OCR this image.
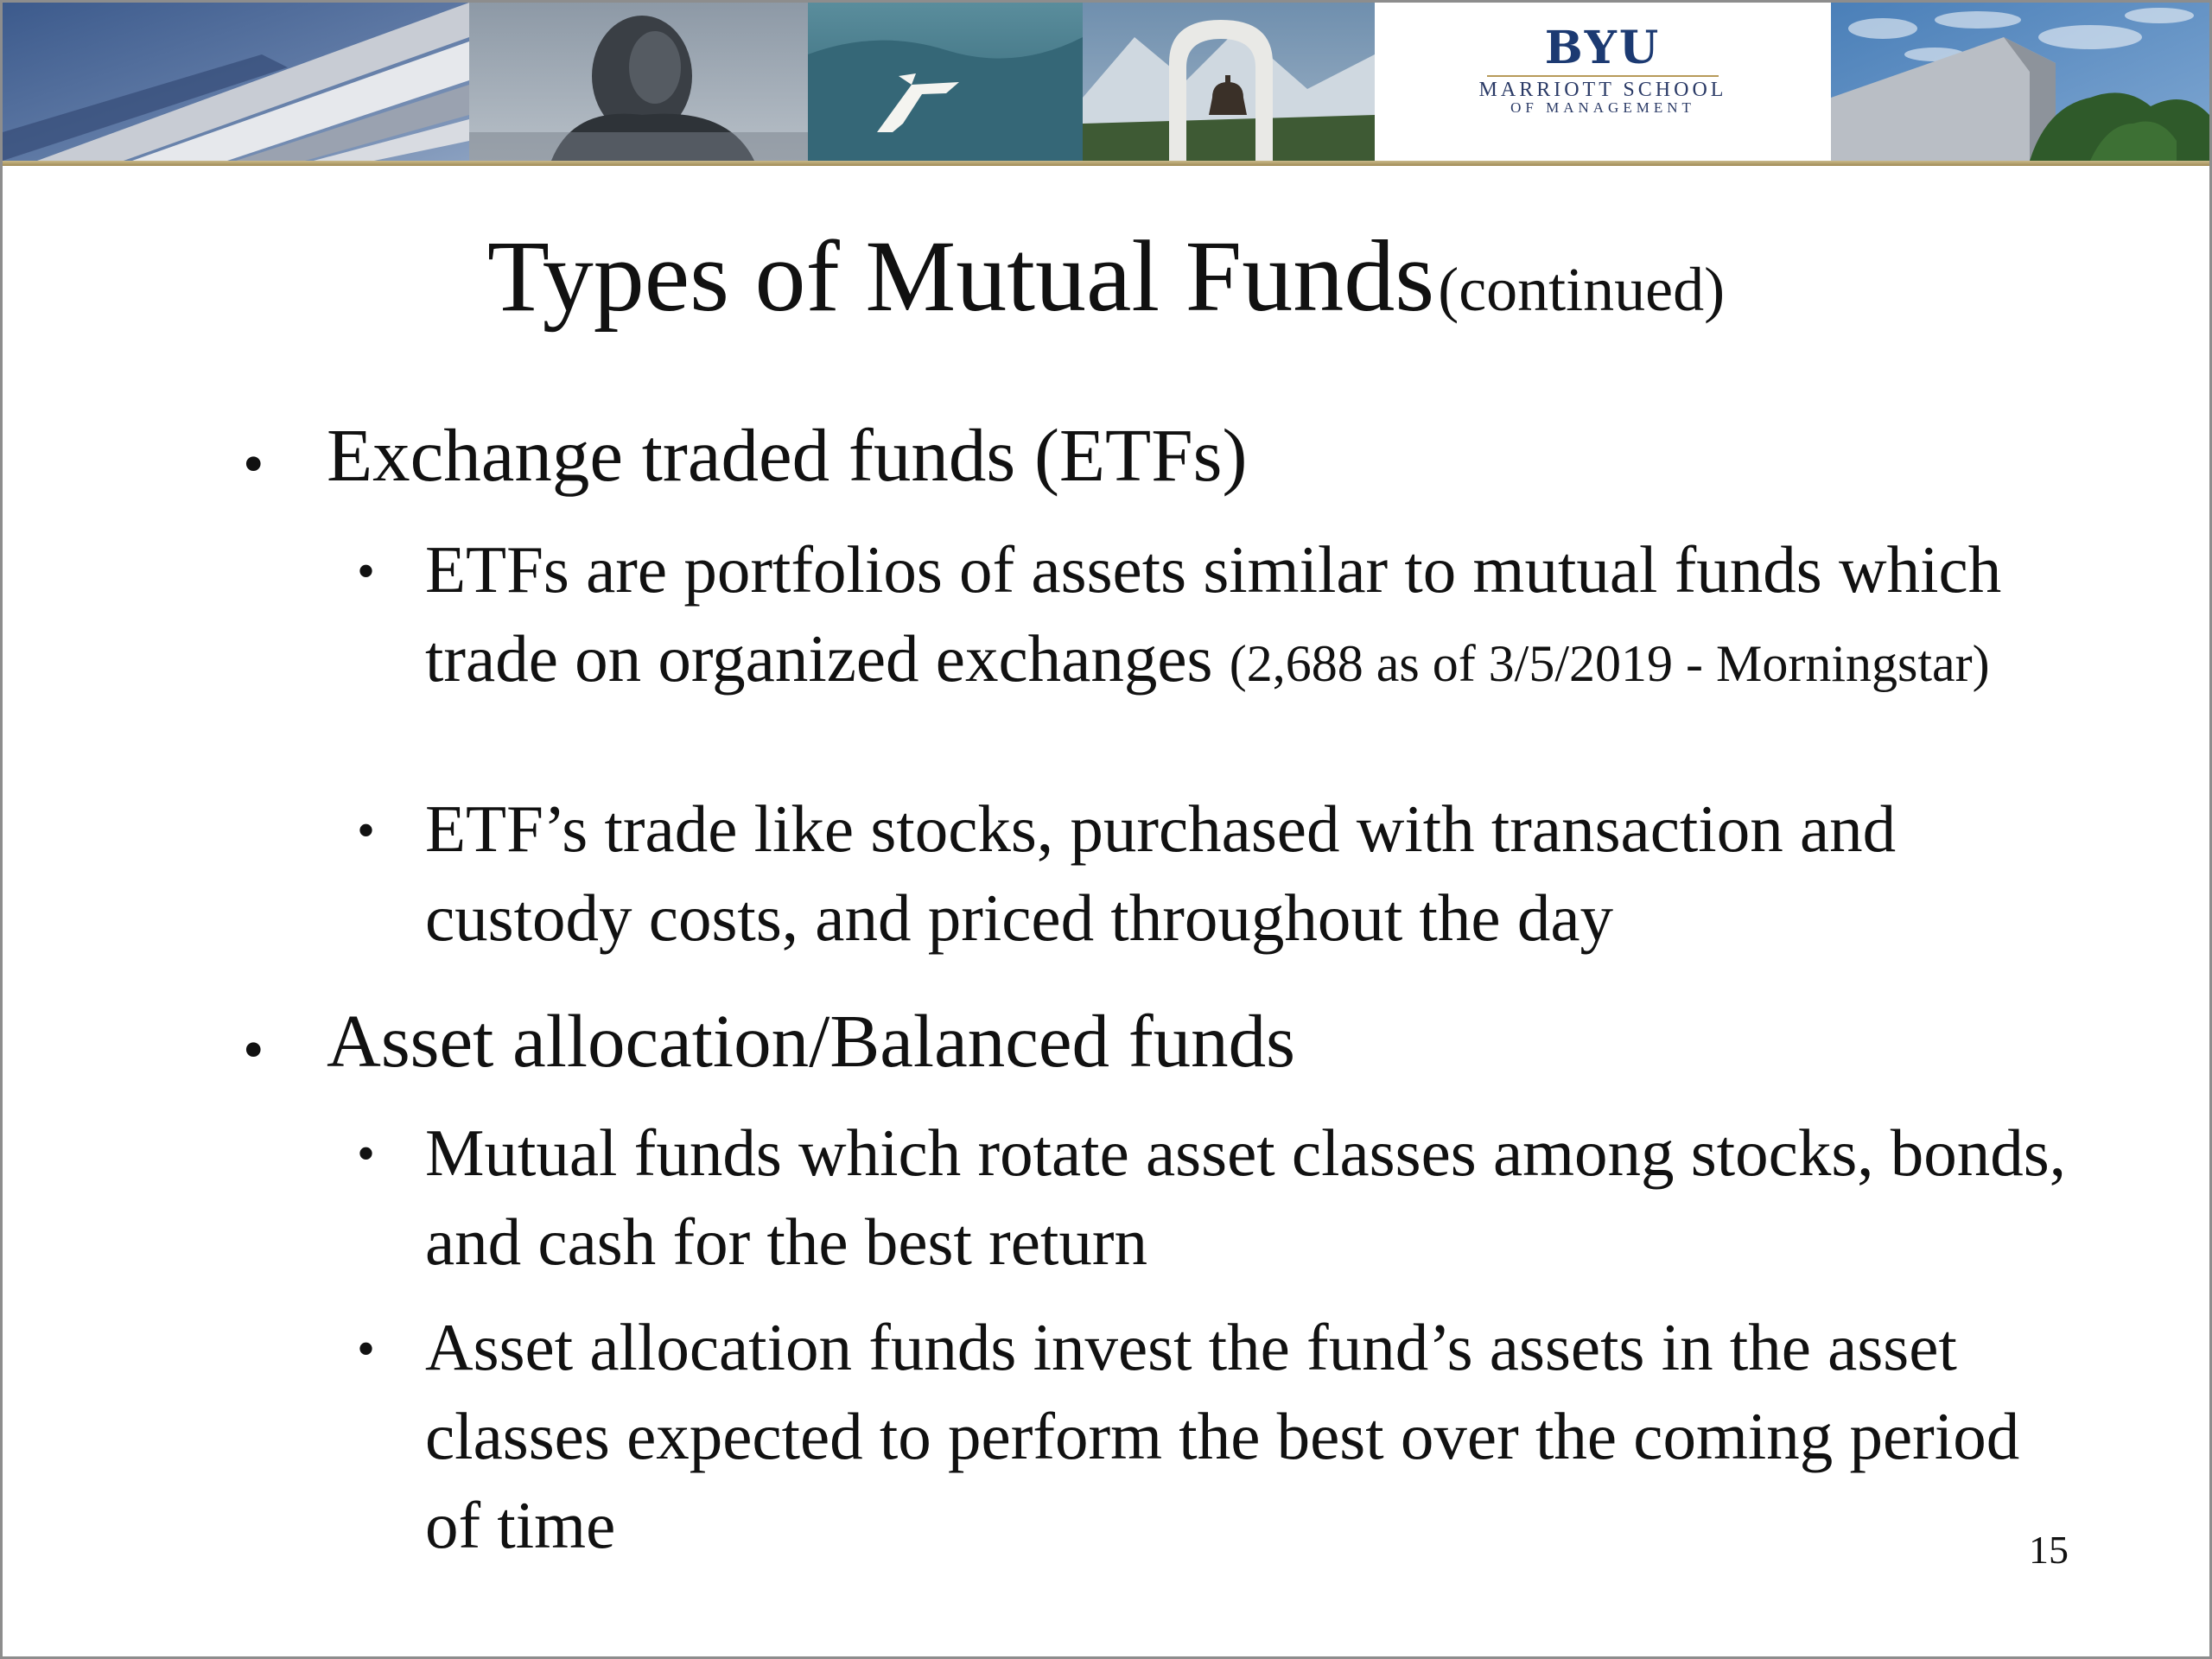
BYU
MARRIOTT SCHOOL
OF MANAGEMENT
Types of Mutual Funds (continued)
• Exchange traded funds (ETFs)
• ETFs are portfolios of assets similar to mutual funds which trade on organized exchanges (2,688 as of 3/5/2019 - Morningstar)
• ETF’s trade like stocks, purchased with transaction and custody costs, and priced throughout the day
• Asset allocation/Balanced funds
• Mutual funds which rotate asset classes among stocks, bonds, and cash for the best return
• Asset allocation funds invest the fund’s assets in the asset classes expected to perform the best over the coming period of time	15
